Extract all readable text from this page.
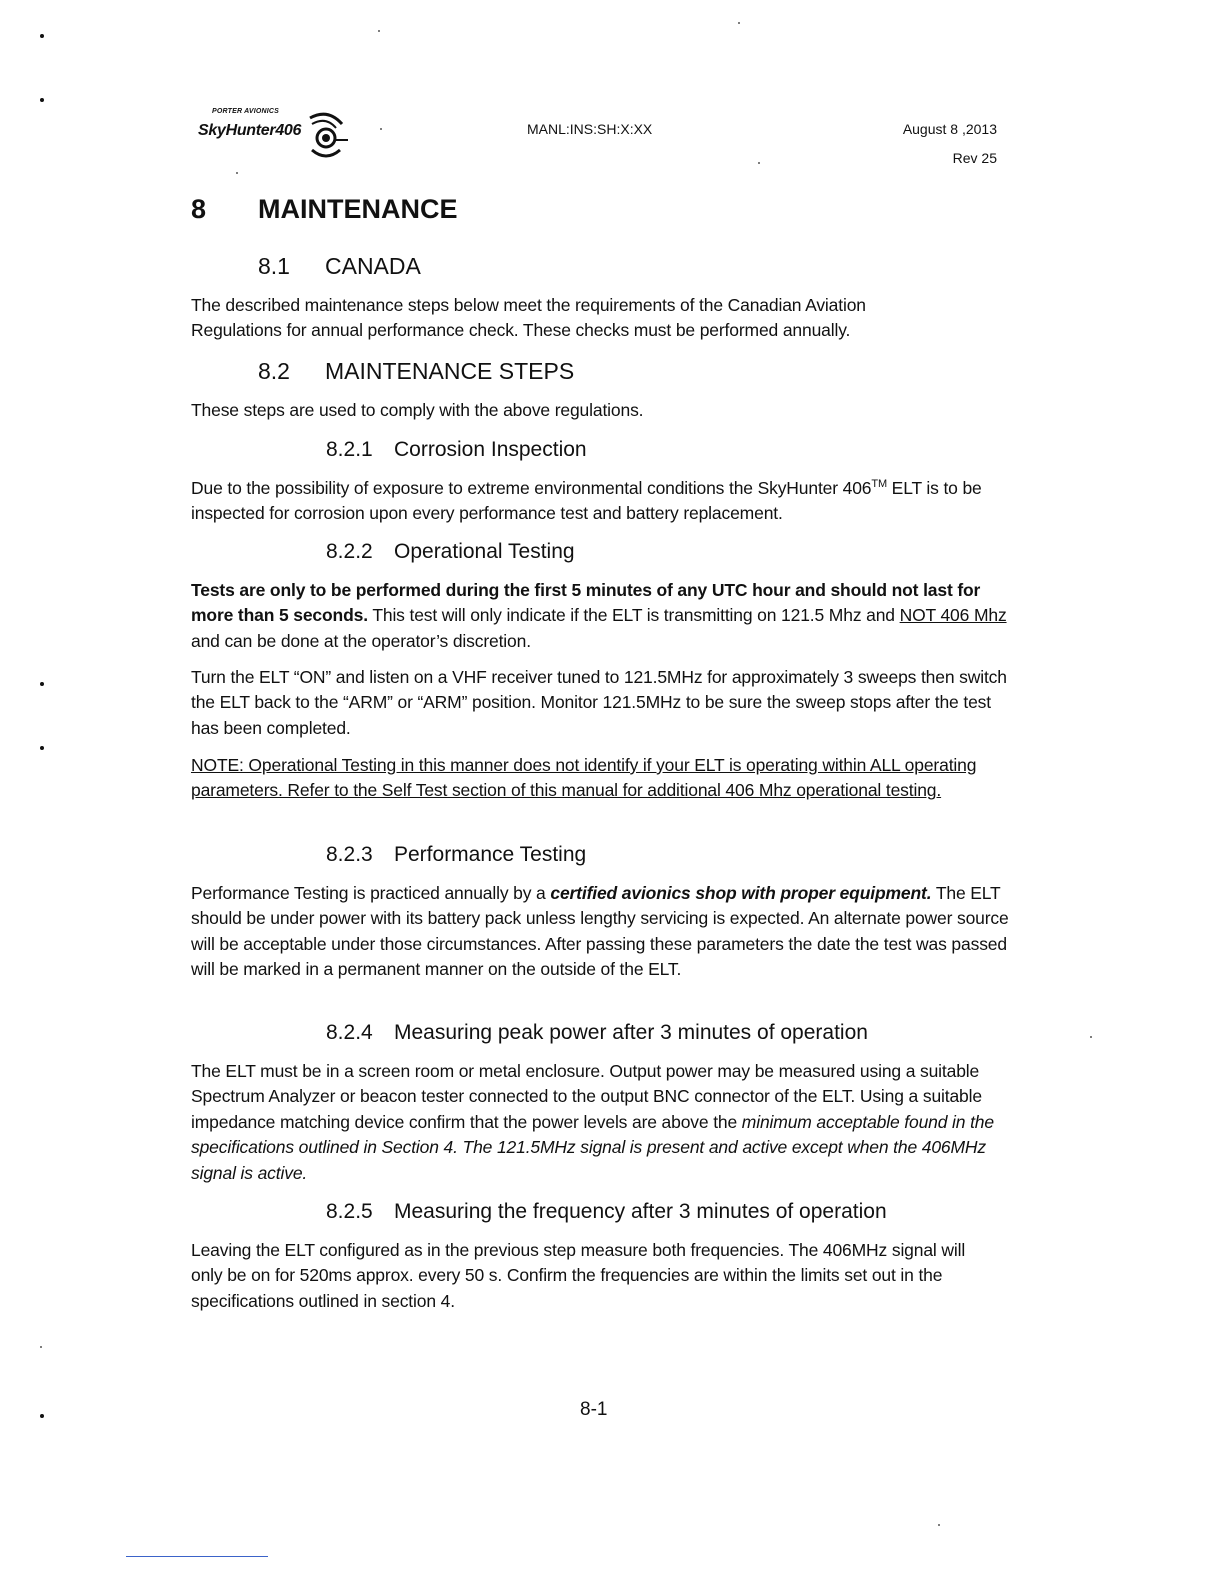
PORTER AVIONICS
SkyHunter406	MANL:INS:SH:X:XX	August 8 ,2013
Rev 25
8 MAINTENANCE
8.1 CANADA

The described maintenance steps below meet the requirements of the Canadian Aviation Regulations for annual performance check. These checks must be performed annually.

8.2 MAINTENANCE STEPS

These steps are used to comply with the above regulations.

8.2.1 Corrosion Inspection

Due to the possibility of exposure to extreme environmental conditions the SkyHunter 406™ ELT is to be inspected for corrosion upon every performance test and battery replacement.

8.2.2 Operational Testing

Tests are only to be performed during the first 5 minutes of any UTC hour and should not last for more than 5 seconds. This test will only indicate if the ELT is transmitting on 121.5 Mhz and NOT 406 Mhz and can be done at the operator’s discretion.

Turn the ELT “ON” and listen on a VHF receiver tuned to 121.5MHz for approximately 3 sweeps then switch the ELT back to the “ARM” or “ARM” position. Monitor 121.5MHz to be sure the sweep stops after the test has been completed.

NOTE: Operational Testing in this manner does not identify if your ELT is operating within ALL operating parameters. Refer to the Self Test section of this manual for additional 406 Mhz operational testing.

8.2.3 Performance Testing

Performance Testing is practiced annually by a certified avionics shop with proper equipment. The ELT should be under power with its battery pack unless lengthy servicing is expected. An alternate power source will be acceptable under those circumstances. After passing these parameters the date the test was passed will be marked in a permanent manner on the outside of the ELT.

8.2.4 Measuring peak power after 3 minutes of operation

The ELT must be in a screen room or metal enclosure. Output power may be measured using a suitable Spectrum Analyzer or beacon tester connected to the output BNC connector of the ELT. Using a suitable impedance matching device confirm that the power levels are above the minimum acceptable found in the specifications outlined in Section 4. The 121.5MHz signal is present and active except when the 406MHz signal is active.

8.2.5 Measuring the frequency after 3 minutes of operation

Leaving the ELT configured as in the previous step measure both frequencies. The 406MHz signal will only be on for 520ms approx. every 50 s. Confirm the frequencies are within the limits set out in the specifications outlined in section 4.

8-1
